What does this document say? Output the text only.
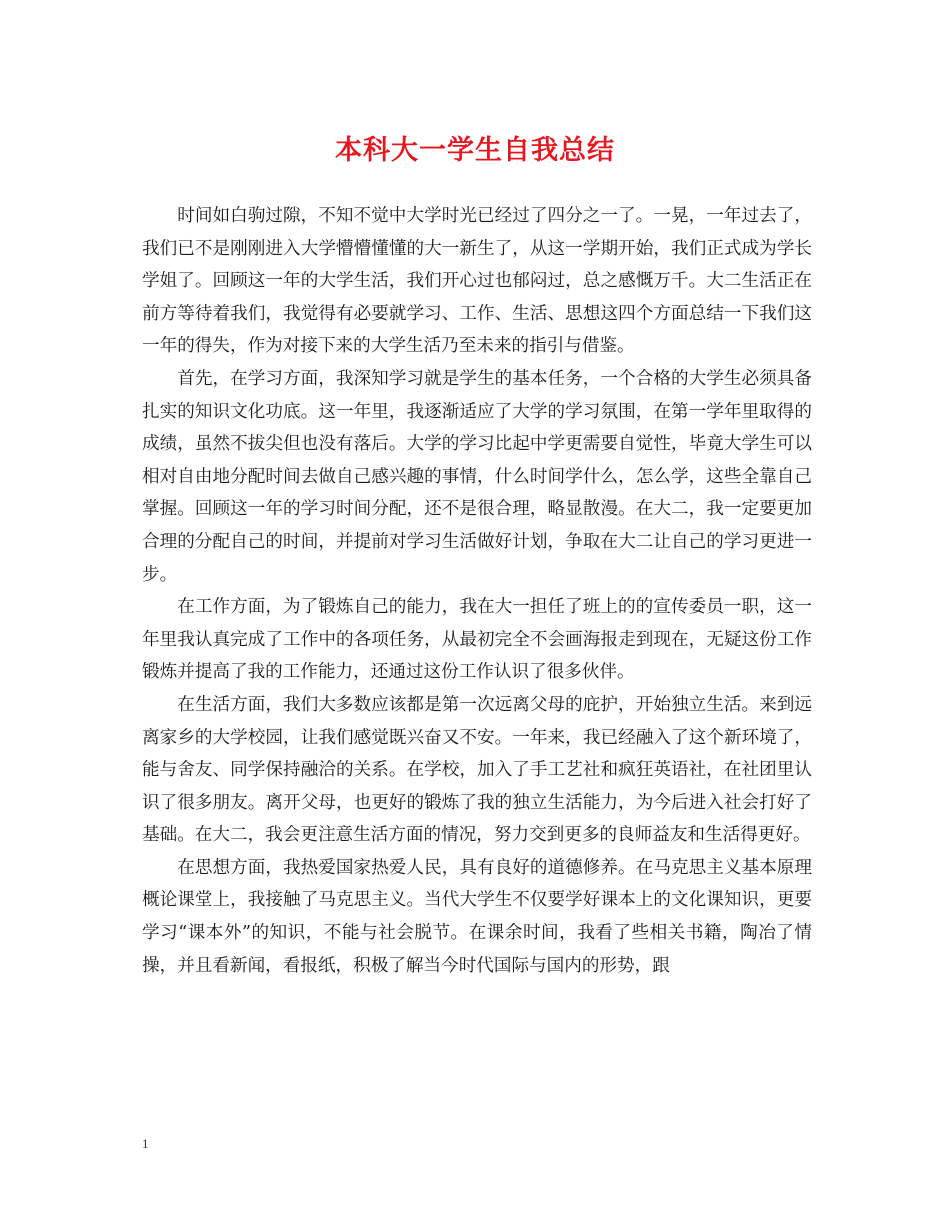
本科大一学生自我总结

时间如白驹过隙，不知不觉中大学时光已经过了四分之一了。一晃，一年过去了，我们已不是刚刚进入大学懵懵懂懂的大一新生了，从这一学期开始，我们正式成为学长学姐了。回顾这一年的大学生活，我们开心过也郁闷过，总之感慨万千。大二生活正在前方等待着我们，我觉得有必要就学习、工作、生活、思想这四个方面总结一下我们这一年的得失，作为对接下来的大学生活乃至未来的指引与借鉴。

首先，在学习方面，我深知学习就是学生的基本任务，一个合格的大学生必须具备扎实的知识文化功底。这一年里，我逐渐适应了大学的学习氛围，在第一学年里取得的成绩，虽然不拔尖但也没有落后。大学的学习比起中学更需要自觉性，毕竟大学生可以相对自由地分配时间去做自己感兴趣的事情，什么时间学什么，怎么学，这些全靠自己掌握。回顾这一年的学习时间分配，还不是很合理，略显散漫。在大二，我一定要更加合理的分配自己的时间，并提前对学习生活做好计划，争取在大二让自己的学习更进一步。

在工作方面，为了锻炼自己的能力，我在大一担任了班上的的宣传委员一职，这一年里我认真完成了工作中的各项任务，从最初完全不会画海报走到现在，无疑这份工作锻炼并提高了我的工作能力，还通过这份工作认识了很多伙伴。

在生活方面，我们大多数应该都是第一次远离父母的庇护，开始独立生活。来到远离家乡的大学校园，让我们感觉既兴奋又不安。一年来，我已经融入了这个新环境了，能与舍友、同学保持融洽的关系。在学校，加入了手工艺社和疯狂英语社，在社团里认识了很多朋友。离开父母，也更好的锻炼了我的独立生活能力，为今后进入社会打好了基础。在大二，我会更注意生活方面的情况，努力交到更多的良师益友和生活得更好。

在思想方面，我热爱国家热爱人民，具有良好的道德修养。在马克思主义基本原理概论课堂上，我接触了马克思主义。当代大学生不仅要学好课本上的文化课知识，更要学习“课本外”的知识，不能与社会脱节。在课余时间，我看了些相关书籍，陶冶了情操，并且看新闻，看报纸，积极了解当今时代国际与国内的形势，跟

1
